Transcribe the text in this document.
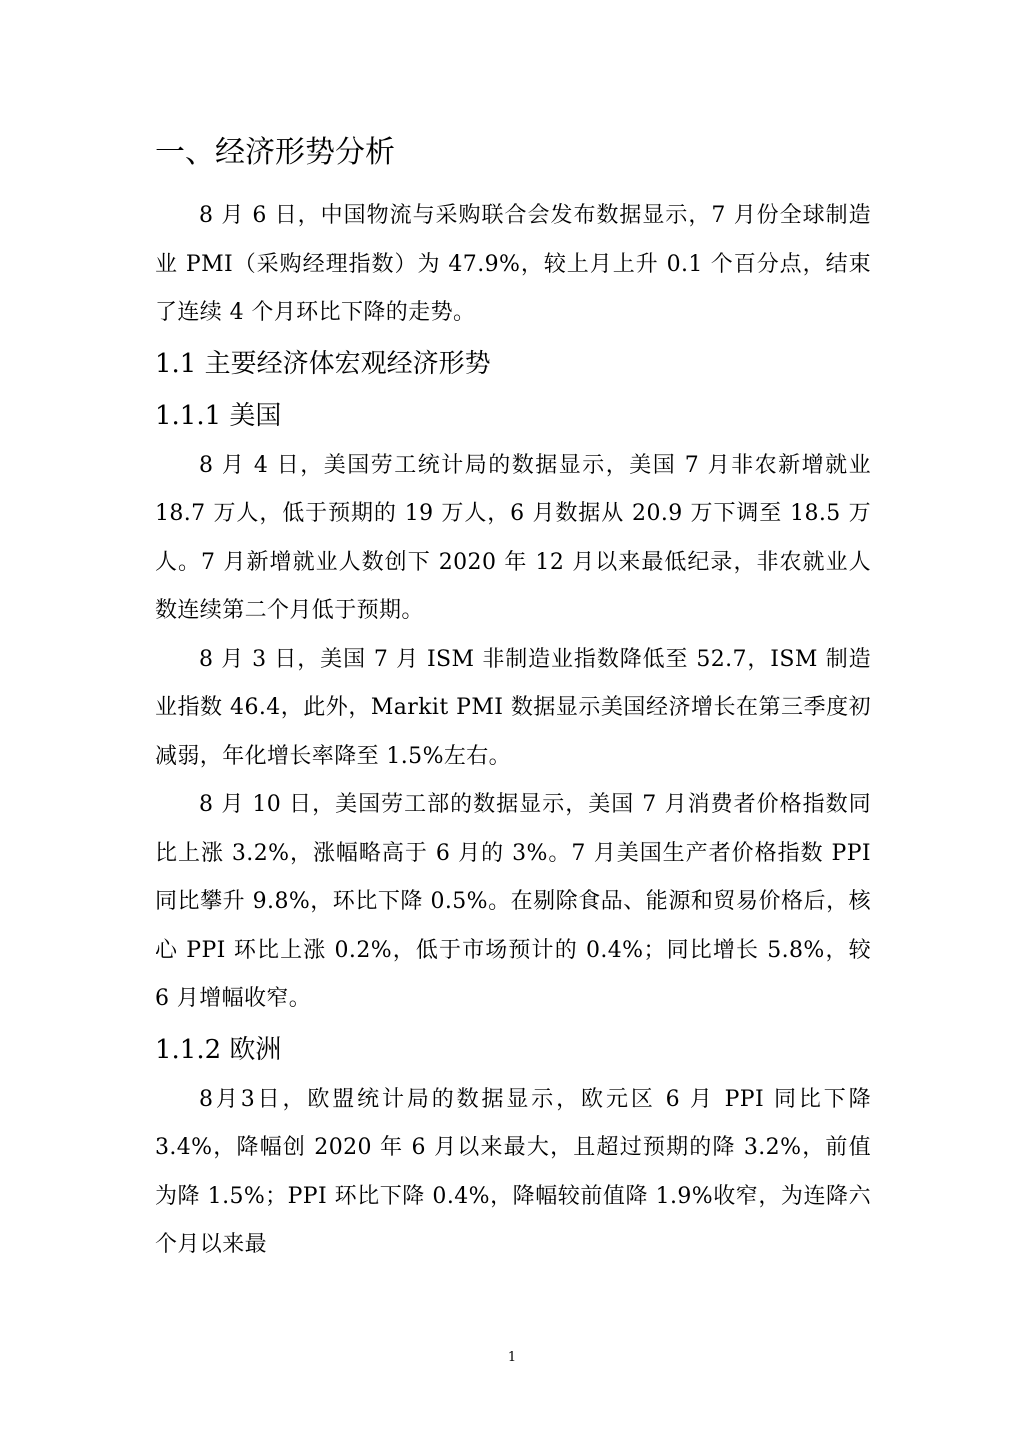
一、经济形势分析

8 月 6 日，中国物流与采购联合会发布数据显示，7 月份全球制造业 PMI（采购经理指数）为 47.9%，较上月上升 0.1 个百分点，结束了连续 4 个月环比下降的走势。

1.1 主要经济体宏观经济形势
1.1.1 美国

8 月 4 日，美国劳工统计局的数据显示，美国 7 月非农新增就业 18.7 万人，低于预期的 19 万人，6 月数据从 20.9 万下调至 18.5 万人。7 月新增就业人数创下 2020 年 12 月以来最低纪录，非农就业人数连续第二个月低于预期。

8 月 3 日，美国 7 月 ISM 非制造业指数降低至 52.7，ISM 制造业指数 46.4，此外，Markit PMI 数据显示美国经济增长在第三季度初减弱，年化增长率降至 1.5%左右。

8 月 10 日，美国劳工部的数据显示，美国 7 月消费者价格指数同比上涨 3.2%，涨幅略高于 6 月的 3%。7 月美国生产者价格指数 PPI 同比攀升 9.8%，环比下降 0.5%。在剔除食品、能源和贸易价格后，核心 PPI 环比上涨 0.2%，低于市场预计的 0.4%；同比增长 5.8%，较 6 月增幅收窄。

1.1.2 欧洲

8月3日，欧盟统计局的数据显示，欧元区 6 月 PPI 同比下降 3.4%，降幅创 2020 年 6 月以来最大，且超过预期的降 3.2%，前值为降 1.5%；PPI 环比下降 0.4%，降幅较前值降 1.9%收窄，为连降六个月以来最

1
